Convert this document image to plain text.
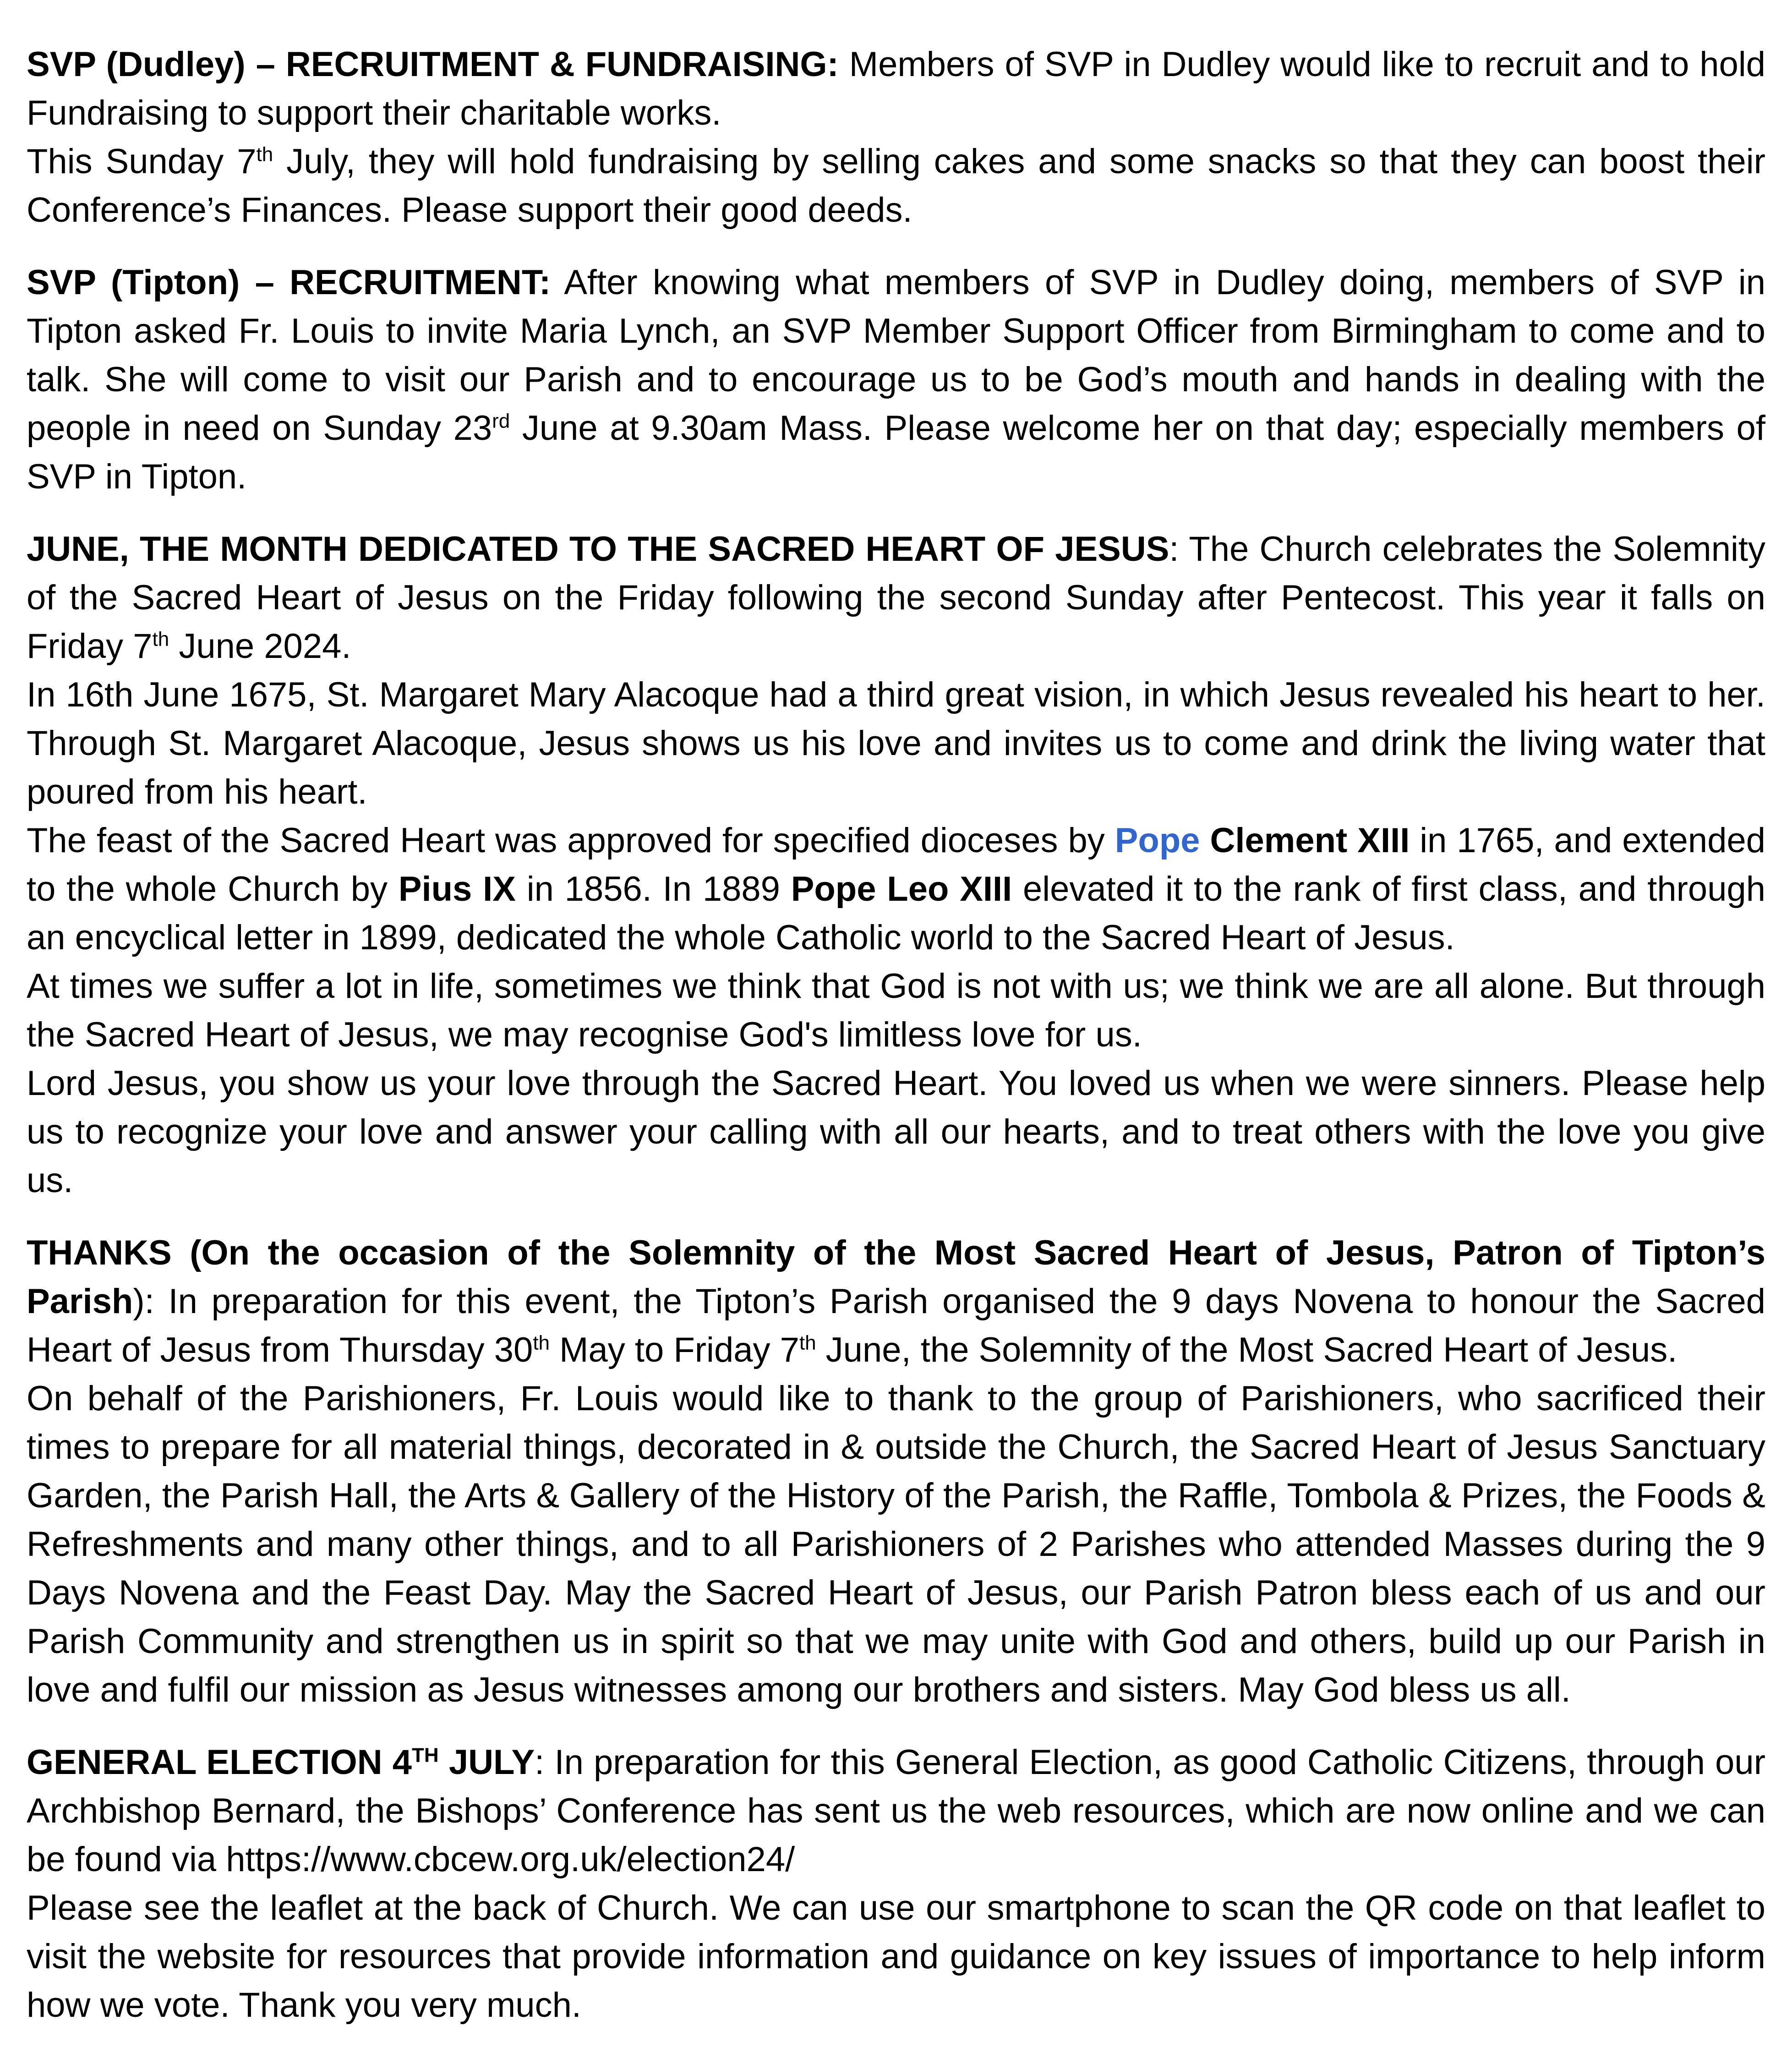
SVP (Dudley) – RECRUITMENT & FUNDRAISING: Members of SVP in Dudley would like to recruit and to hold Fundraising to support their charitable works.

This Sunday 7th July, they will hold fundraising by selling cakes and some snacks so that they can boost their Conference’s Finances. Please support their good deeds.

SVP (Tipton) – RECRUITMENT: After knowing what members of SVP in Dudley doing, members of SVP in Tipton asked Fr. Louis to invite Maria Lynch, an SVP Member Support Officer from Birmingham to come and to talk. She will come to visit our Parish and to encourage us to be God’s mouth and hands in dealing with the people in need on Sunday 23rd June at 9.30am Mass. Please welcome her on that day; especially members of SVP in Tipton.

JUNE, THE MONTH DEDICATED TO THE SACRED HEART OF JESUS: The Church celebrates the Solemnity of the Sacred Heart of Jesus on the Friday following the second Sunday after Pentecost. This year it falls on Friday 7th June 2024.

In 16th June 1675, St. Margaret Mary Alacoque had a third great vision, in which Jesus revealed his heart to her. Through St. Margaret Alacoque, Jesus shows us his love and invites us to come and drink the living water that poured from his heart.

The feast of the Sacred Heart was approved for specified dioceses by Pope Clement XIII in 1765, and extended to the whole Church by Pius IX in 1856. In 1889 Pope Leo XIII elevated it to the rank of first class, and through an encyclical letter in 1899, dedicated the whole Catholic world to the Sacred Heart of Jesus.

At times we suffer a lot in life, sometimes we think that God is not with us; we think we are all alone. But through the Sacred Heart of Jesus, we may recognise God's limitless love for us.

Lord Jesus, you show us your love through the Sacred Heart. You loved us when we were sinners. Please help us to recognize your love and answer your calling with all our hearts, and to treat others with the love you give us.

THANKS (On the occasion of the Solemnity of the Most Sacred Heart of Jesus, Patron of Tipton’s Parish): In preparation for this event, the Tipton’s Parish organised the 9 days Novena to honour the Sacred Heart of Jesus from Thursday 30th May to Friday 7th June, the Solemnity of the Most Sacred Heart of Jesus.

On behalf of the Parishioners, Fr. Louis would like to thank to the group of Parishioners, who sacrificed their times to prepare for all material things, decorated in & outside the Church, the Sacred Heart of Jesus Sanctuary Garden, the Parish Hall, the Arts & Gallery of the History of the Parish, the Raffle, Tombola & Prizes, the Foods & Refreshments and many other things, and to all Parishioners of 2 Parishes who attended Masses during the 9 Days Novena and the Feast Day. May the Sacred Heart of Jesus, our Parish Patron bless each of us and our Parish Community and strengthen us in spirit so that we may unite with God and others, build up our Parish in love and fulfil our mission as Jesus witnesses among our brothers and sisters. May God bless us all.

GENERAL ELECTION 4TH JULY: In preparation for this General Election, as good Catholic Citizens, through our Archbishop Bernard, the Bishops’ Conference has sent us the web resources, which are now online and we can be found via https://www.cbcew.org.uk/election24/

Please see the leaflet at the back of Church. We can use our smartphone to scan the QR code on that leaflet to visit the website for resources that provide information and guidance on key issues of importance to help inform how we vote. Thank you very much.
